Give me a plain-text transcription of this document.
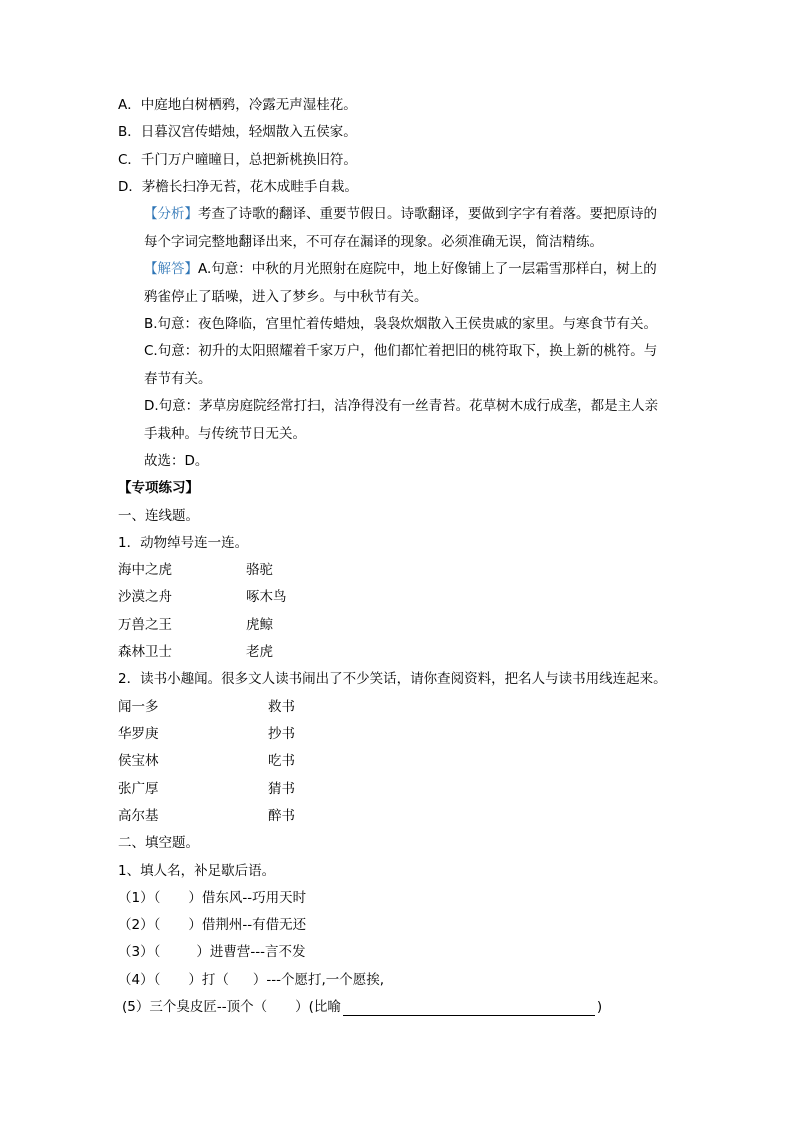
A．中庭地白树栖鸦，冷露无声湿桂花。
B．日暮汉宫传蜡烛，轻烟散入五侯家。
C．千门万户曈曈日，总把新桃换旧符。
D．茅檐长扫净无苔，花木成畦手自栽。
【分析】考查了诗歌的翻译、重要节假日。诗歌翻译，要做到字字有着落。要把原诗的
每个字词完整地翻译出来，不可存在漏译的现象。必须准确无误，简洁精练。
【解答】A.句意：中秋的月光照射在庭院中，地上好像铺上了一层霜雪那样白，树上的
鸦雀停止了聒噪，进入了梦乡。与中秋节有关。
B.句意：夜色降临，宫里忙着传蜡烛，袅袅炊烟散入王侯贵戚的家里。与寒食节有关。
C.句意：初升的太阳照耀着千家万户，他们都忙着把旧的桃符取下，换上新的桃符。与
春节有关。
D.句意：茅草房庭院经常打扫，洁净得没有一丝青苔。花草树木成行成垄，都是主人亲
手栽种。与传统节日无关。
故选：D。
【专项练习】
一、连线题。
1．动物绰号连一连。
海中之虎	骆驼
沙漠之舟	啄木鸟
万兽之王	虎鲸
森林卫士	老虎
2．读书小趣闻。很多文人读书闹出了不少笑话，请你查阅资料，把名人与读书用线连起来。
闻一多	救书
华罗庚	抄书
侯宝林	吃书
张广厚	猜书
高尔基	醉书
二、填空题。
1、填人名，补足歇后语。
（1）（ ）借东风--巧用天时
（2）（ ）借荆州--有借无还
（3）（	）进曹营---言不发
（4）（ ）打（ ）---个愿打,一个愿挨,
(5）三个臭皮匠--顶个（ ）(比喻	)
